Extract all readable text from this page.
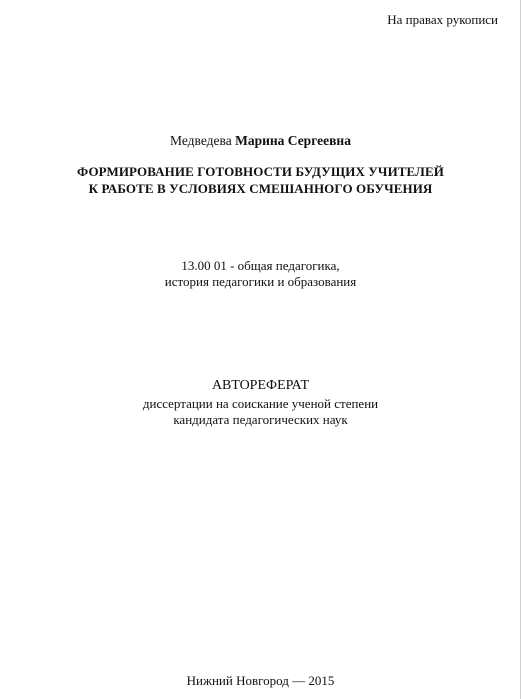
На правах рукописи
Медведева Марина Сергеевна
ФОРМИРОВАНИЕ ГОТОВНОСТИ БУДУЩИХ УЧИТЕЛЕЙ
К РАБОТЕ В УСЛОВИЯХ СМЕШАННОГО ОБУЧЕНИЯ
13.00 01 - общая педагогика,
история педагогики и образования
АВТОРЕФЕРАТ
диссертации на соискание ученой степени
кандидата педагогических наук
Нижний Новгород — 2015
